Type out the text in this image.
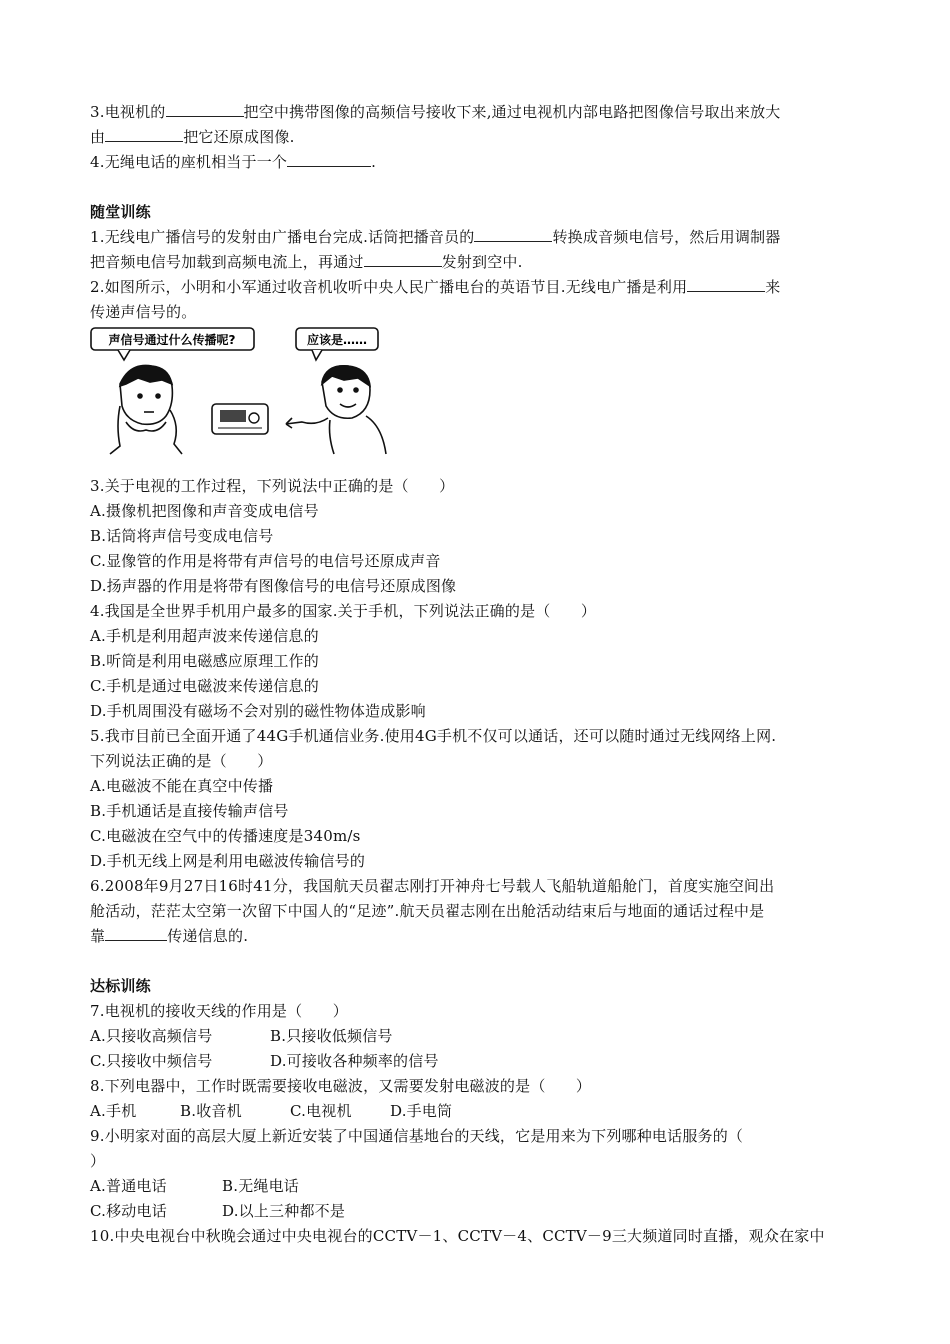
3.电视机的	把空中携带图像的高频信号接收下来,通过电视机内部电路把图像信号取出来放大
由	把它还原成图像.
4.无绳电话的座机相当于一个	.
随堂训练
1.无线电广播信号的发射由广播电台完成.话筒把播音员的	转换成音频电信号，然后用调制器
把音频电信号加载到高频电流上，再通过	发射到空中.
2.如图所示，小明和小军通过收音机收听中央人民广播电台的英语节目.无线电广播是利用	来
传递声信号的。
声信号通过什么传播呢?	应该是……
3.关于电视的工作过程，下列说法中正确的是（　　）
A.摄像机把图像和声音变成电信号
B.话筒将声信号变成电信号
C.显像管的作用是将带有声信号的电信号还原成声音
D.扬声器的作用是将带有图像信号的电信号还原成图像
4.我国是全世界手机用户最多的国家.关于手机，下列说法正确的是（　　）
A.手机是利用超声波来传递信息的
B.听筒是利用电磁感应原理工作的
C.手机是通过电磁波来传递信息的
D.手机周围没有磁场不会对别的磁性物体造成影响
5.我市目前已全面开通了44G手机通信业务.使用4G手机不仅可以通话，还可以随时通过无线网络上网.
下列说法正确的是（　　）
A.电磁波不能在真空中传播
B.手机通话是直接传输声信号
C.电磁波在空气中的传播速度是340m/s
D.手机无线上网是利用电磁波传输信号的
6.2008年9月27日16时41分，我国航天员翟志刚打开神舟七号载人飞船轨道船舱门，首度实施空间出
舱活动，茫茫太空第一次留下中国人的“足迹”.航天员翟志刚在出舱活动结束后与地面的通话过程中是
靠	传递信息的.
达标训练
7.电视机的接收天线的作用是（　　）
A.只接收高频信号	B.只接收低频信号
C.只接收中频信号	D.可接收各种频率的信号
8.下列电器中，工作时既需要接收电磁波，又需要发射电磁波的是（　　）
A.手机	B.收音机	C.电视机	D.手电筒
9.小明家对面的高层大厦上新近安装了中国通信基地台的天线，它是用来为下列哪种电话服务的（
）
A.普通电话	B.无绳电话
C.移动电话	D.以上三种都不是
10.中央电视台中秋晚会通过中央电视台的CCTV－1、CCTV－4、CCTV－9三大频道同时直播，观众在家中
